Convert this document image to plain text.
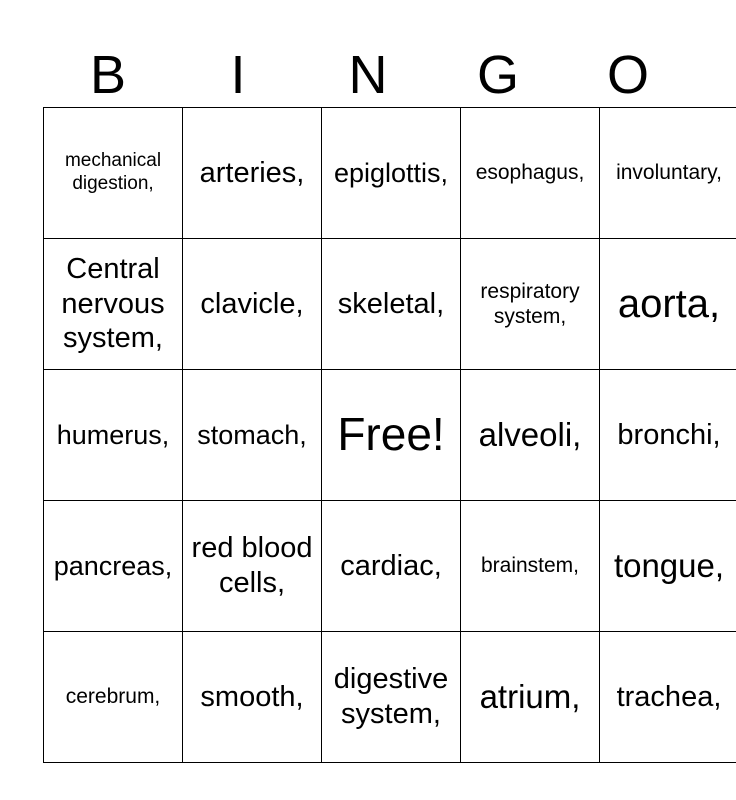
B	I	N	G	O
mechanical digestion,	arteries,	epiglottis,	esophagus,	involuntary,
Central nervous system,	clavicle,	skeletal,	respiratory system,	aorta,
humerus,	stomach,	Free!	alveoli,	bronchi,
pancreas,	red blood cells,	cardiac,	brainstem,	tongue,
cerebrum,	smooth,	digestive system,	atrium,	trachea,
